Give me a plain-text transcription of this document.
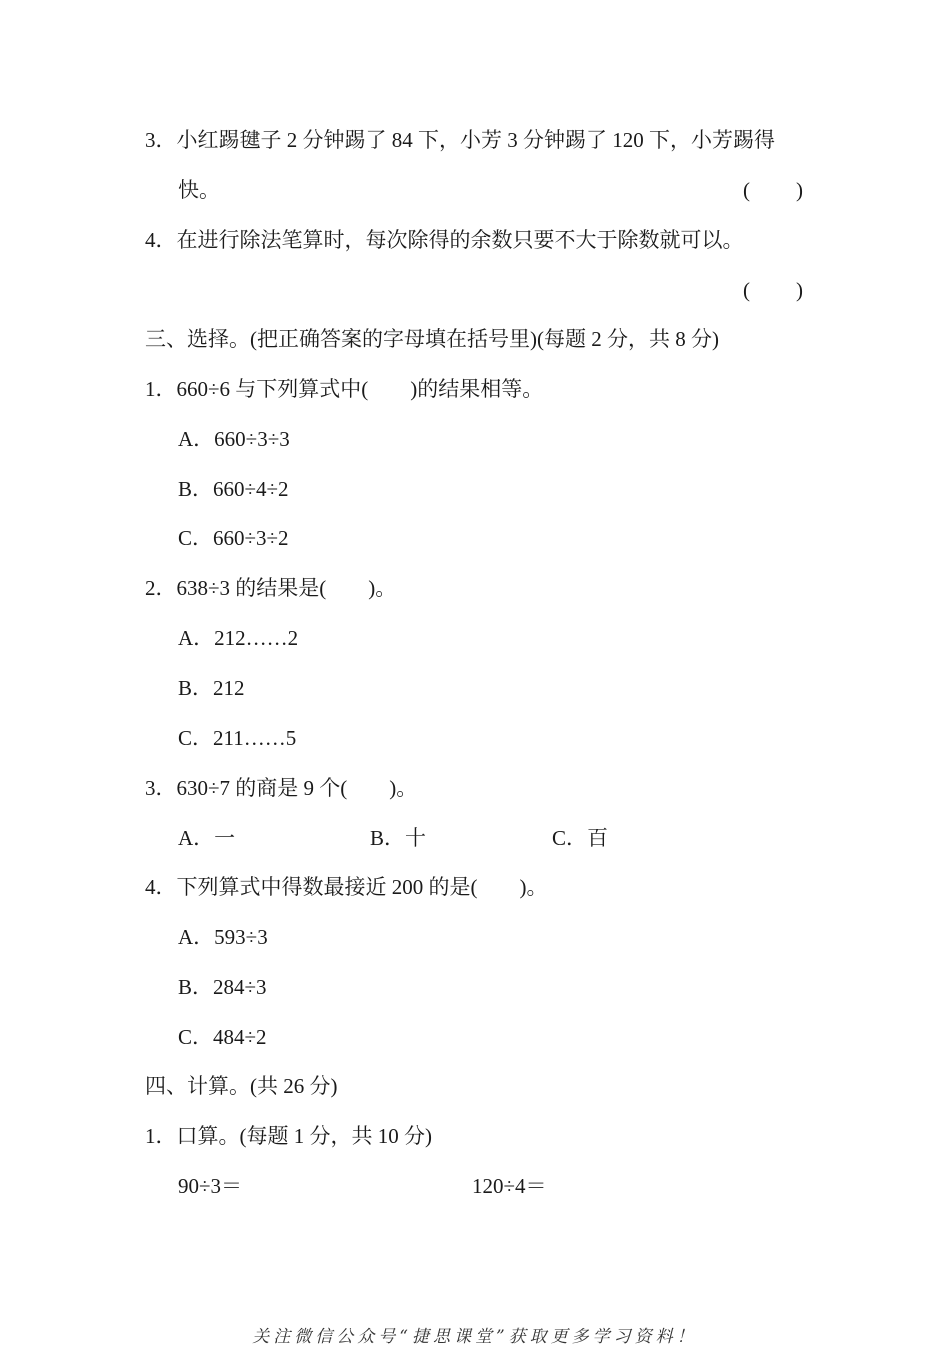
3．小红踢毽子 2 分钟踢了 84 下，小芳 3 分钟踢了 120 下，小芳踢得
快。	( )
4．在进行除法笔算时，每次除得的余数只要不大于除数就可以。
( )
三、选择。(把正确答案的字母填在括号里)(每题 2 分，共 8 分)
1．660÷6 与下列算式中(　　)的结果相等。
A．660÷3÷3
B．660÷4÷2
C．660÷3÷2
2．638÷3 的结果是(　　)。
A．212……2
B．212
C．211……5
3．630÷7 的商是 9 个(　　)。
A．一	B．十	C．百
4．下列算式中得数最接近 200 的是(　　)。
A．593÷3
B．284÷3
C．484÷2
四、计算。(共 26 分)
1．口算。(每题 1 分，共 10 分)
90÷3＝	120÷4＝
关注微信公众号“捷思课堂”获取更多学习资料！
